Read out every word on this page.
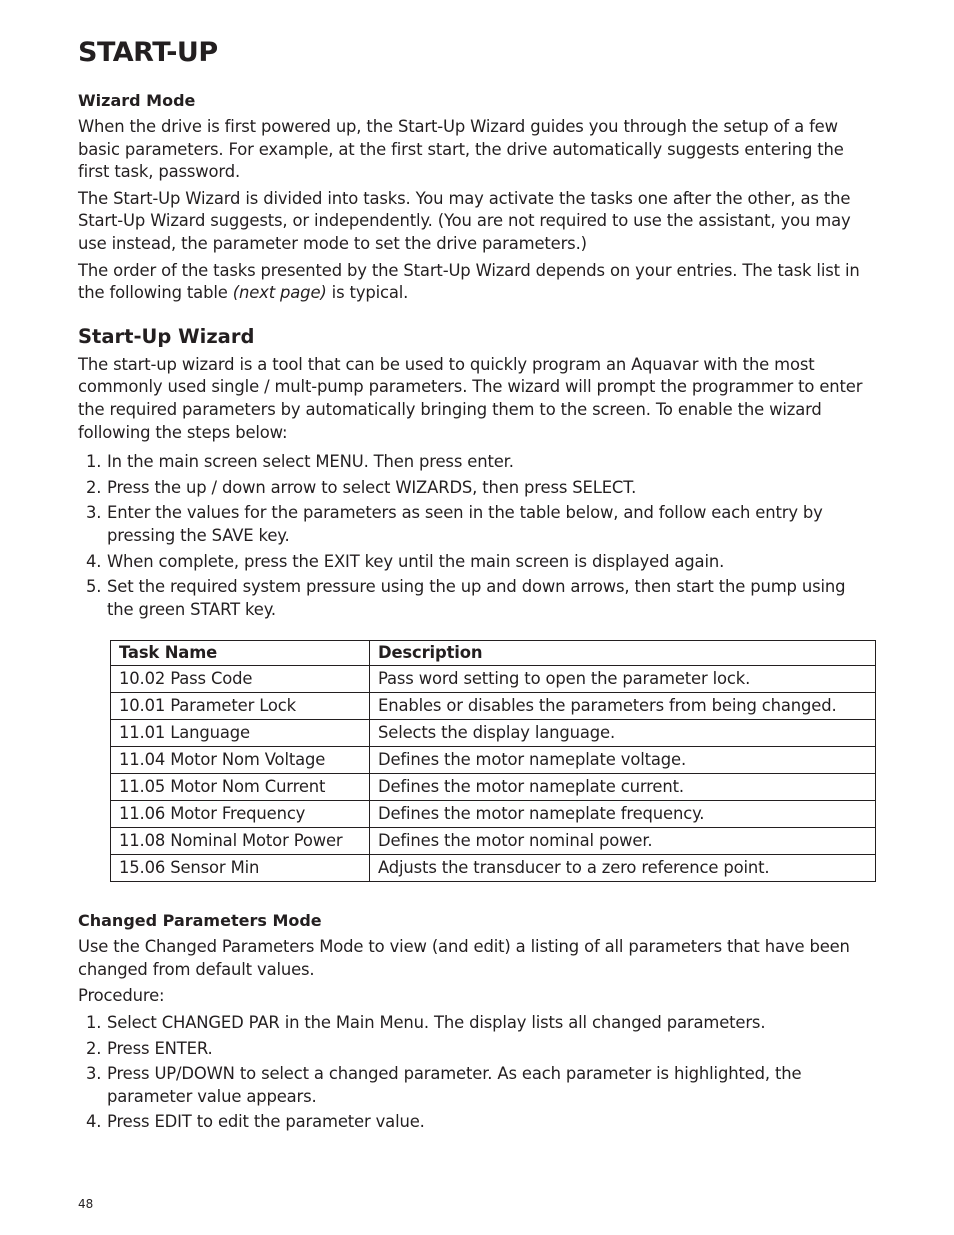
START-UP
Wizard Mode

When the drive is first powered up, the Start-Up Wizard guides you through the setup of a few basic parameters. For example, at the first start, the drive automatically suggests entering the first task, password.

The Start-Up Wizard is divided into tasks. You may activate the tasks one after the other, as the Start-Up Wizard suggests, or independently. (You are not required to use the assistant, you may use instead, the parameter mode to set the drive parameters.)

The order of the tasks presented by the Start-Up Wizard depends on your entries. The task list in the following table (next page) is typical.

Start-Up Wizard

The start-up wizard is a tool that can be used to quickly program an Aquavar with the most commonly used single / mult-pump parameters. The wizard will prompt the programmer to enter the required parameters by automatically bringing them to the screen. To enable the wizard following the steps below:

1. In the main screen select MENU. Then press enter.
2. Press the up / down arrow to select WIZARDS, then press SELECT.
3. Enter the values for the parameters as seen in the table below, and follow each entry by pressing the SAVE key.
4. When complete, press the EXIT key until the main screen is displayed again.
5. Set the required system pressure using the up and down arrows, then start the pump using the green START key.
Task Name	Description
10.02 Pass Code	Pass word setting to open the parameter lock.
10.01 Parameter Lock	Enables or disables the parameters from being changed.
11.01 Language	Selects the display language.
11.04 Motor Nom Voltage	Defines the motor nameplate voltage.
11.05 Motor Nom Current	Defines the motor nameplate current.
11.06 Motor Frequency	Defines the motor nameplate frequency.
11.08 Nominal Motor Power	Defines the motor nominal power.
15.06 Sensor Min	Adjusts the transducer to a zero reference point.
Changed Parameters Mode

Use the Changed Parameters Mode to view (and edit) a listing of all parameters that have been changed from default values.

Procedure:

1. Select CHANGED PAR in the Main Menu. The display lists all changed parameters.
2. Press ENTER.
3. Press UP/DOWN to select a changed parameter. As each parameter is highlighted, the parameter value appears.
4. Press EDIT to edit the parameter value.
48
